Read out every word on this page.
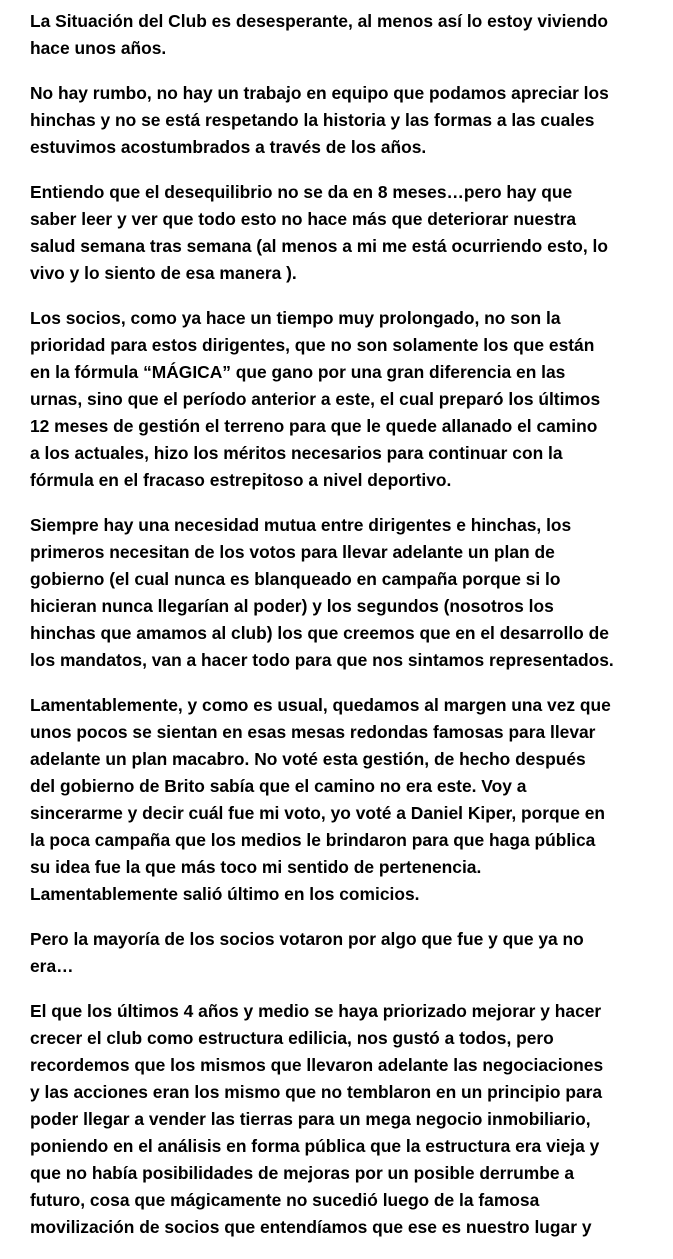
La Situación del Club es desesperante, al menos así lo estoy viviendo
hace unos años.

No hay rumbo, no hay un trabajo en equipo que podamos apreciar los
hinchas y no se está respetando la historia y las formas a las cuales
estuvimos acostumbrados a través de los años.

Entiendo que el desequilibrio no se da en 8 meses…pero hay que
saber leer y ver que todo esto no hace más que deteriorar nuestra
salud semana tras semana (al menos a mi me está ocurriendo esto, lo
vivo y lo siento de esa manera ).

Los socios, como ya hace un tiempo muy prolongado, no son la
prioridad para estos dirigentes, que no son solamente los que están
en la fórmula “MÁGICA” que gano por una gran diferencia en las
urnas, sino que el período anterior a este, el cual preparó los últimos
12 meses de gestión el terreno para que le quede allanado el camino
a los actuales, hizo los méritos necesarios para continuar con la
fórmula en el fracaso estrepitoso a nivel deportivo.

Siempre hay una necesidad mutua entre dirigentes e hinchas, los
primeros necesitan de los votos para llevar adelante un plan de
gobierno (el cual nunca es blanqueado en campaña porque si lo
hicieran nunca llegarían al poder) y los segundos (nosotros los
hinchas que amamos al club) los que creemos que en el desarrollo de
los mandatos, van a hacer todo para que nos sintamos representados.

Lamentablemente, y como es usual, quedamos al margen una vez que
unos pocos se sientan en esas mesas redondas famosas para llevar
adelante un plan macabro. No voté esta gestión, de hecho después
del gobierno de Brito sabía que el camino no era este. Voy a
sincerarme y decir cuál fue mi voto, yo voté a Daniel Kiper, porque en
la poca campaña que los medios le brindaron para que haga pública
su idea fue la que más toco mi sentido de pertenencia.
Lamentablemente salió último en los comicios.

Pero la mayoría de los socios votaron por algo que fue y que ya no
era…

El que los últimos 4 años y medio se haya priorizado mejorar y hacer
crecer el club como estructura edilicia, nos gustó a todos, pero
recordemos que los mismos que llevaron adelante las negociaciones
y las acciones eran los mismo que no temblaron en un principio para
poder llegar a vender las tierras para un mega negocio inmobiliario,
poniendo en el análisis en forma pública que la estructura era vieja y
que no había posibilidades de mejoras por un posible derrumbe a
futuro, cosa que mágicamente no sucedió luego de la famosa
movilización de socios que entendíamos que ese es nuestro lugar y
